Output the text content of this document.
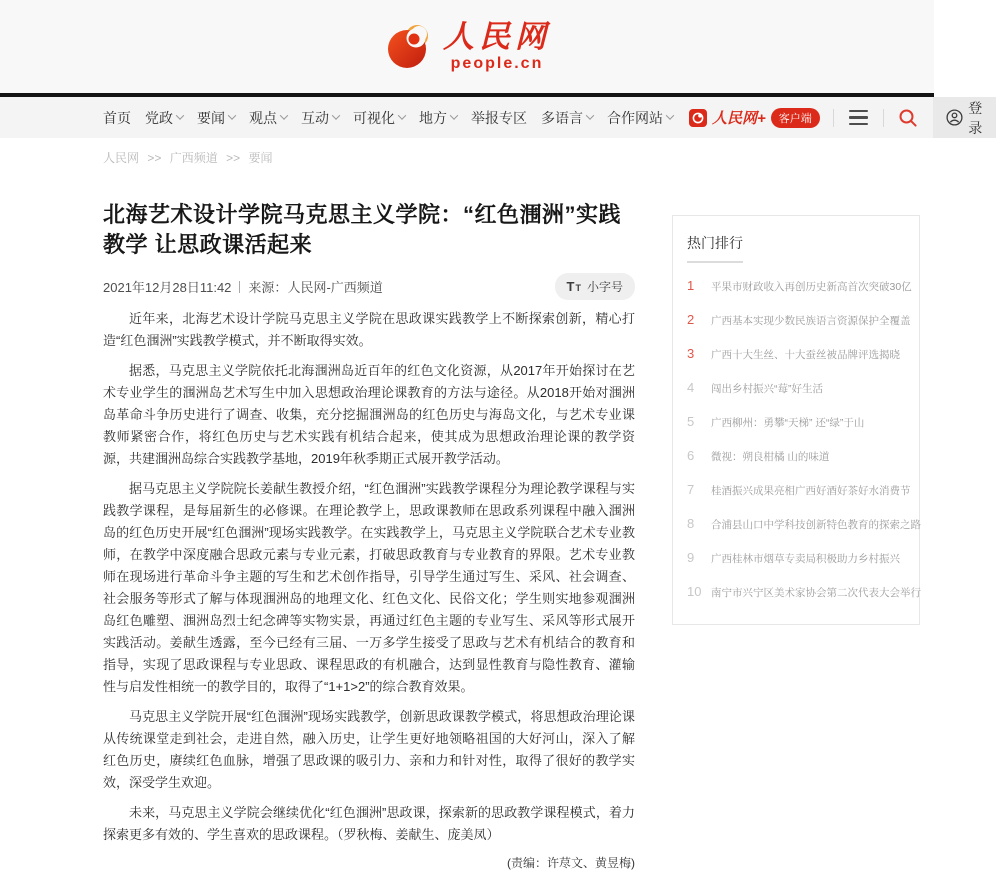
人民网
people.cn
首页 党政 要闻 观点 互动 可视化 地方 举报专区 多语言 合作网站	人民网+	客户端
登录
人民网 >> 广西频道 >> 要闻
北海艺术设计学院马克思主义学院：“红色涠洲”实践教学 让思政课活起来
2021年12月28日11:42 来源： 人民网-广西频道	T T 小字号

近年来，北海艺术设计学院马克思主义学院在思政课实践教学上不断探索创新，精心打造“红色涠洲”实践教学模式，并不断取得实效。

据悉，马克思主义学院依托北海涠洲岛近百年的红色文化资源，从2017年开始探讨在艺术专业学生的涠洲岛艺术写生中加入思想政治理论课教育的方法与途径。从2018开始对涠洲岛革命斗争历史进行了调查、收集，充分挖掘涠洲岛的红色历史与海岛文化，与艺术专业课教师紧密合作，将红色历史与艺术实践有机结合起来，使其成为思想政治理论课的教学资源，共建涠洲岛综合实践教学基地，2019年秋季期正式展开教学活动。

据马克思主义学院院长姜献生教授介绍，“红色涠洲”实践教学课程分为理论教学课程与实践教学课程，是每届新生的必修课。在理论教学上，思政课教师在思政系列课程中融入涠洲岛的红色历史开展“红色涠洲”现场实践教学。在实践教学上，马克思主义学院联合艺术专业教师，在教学中深度融合思政元素与专业元素，打破思政教育与专业教育的界限。艺术专业教师在现场进行革命斗争主题的写生和艺术创作指导，引导学生通过写生、采风、社会调查、社会服务等形式了解与体现涠洲岛的地理文化、红色文化、民俗文化；学生则实地参观涠洲岛红色雕塑、涠洲岛烈士纪念碑等实物实景，再通过红色主题的专业写生、采风等形式展开实践活动。姜献生透露，至今已经有三届、一万多学生接受了思政与艺术有机结合的教育和指导，实现了思政课程与专业思政、课程思政的有机融合，达到显性教育与隐性教育、灌输性与启发性相统一的教学目的，取得了“1+1>2”的综合教育效果。

马克思主义学院开展“红色涠洲”现场实践教学，创新思政课教学模式，将思想政治理论课从传统课堂走到社会，走进自然，融入历史，让学生更好地领略祖国的大好河山，深入了解红色历史，赓续红色血脉，增强了思政课的吸引力、亲和力和针对性，取得了很好的教学实效，深受学生欢迎。

未来，马克思主义学院会继续优化“红色涠洲”思政课，探索新的思政教学课程模式，着力探索更多有效的、学生喜欢的思政课程。（罗秋梅、姜献生、庞美凤）

(责编：许荩文、黄昱梅)
热门排行
1	平果市财政收入再创历史新高首次突破30亿
2	广西基本实现少数民族语言资源保护全覆盖
3	广西十大生丝、十大蚕丝被品牌评选揭晓
4	闯出乡村振兴“莓”好生活
5	广西柳州：勇攀“天梯” 还“绿”于山
6	微视：朔良柑橘 山的味道
7	桂酒振兴成果亮相广西好酒好茶好水消费节
8	合浦县山口中学科技创新特色教育的探索之路
9	广西桂林市烟草专卖局积极助力乡村振兴
10 南宁市兴宁区美术家协会第二次代表大会举行
